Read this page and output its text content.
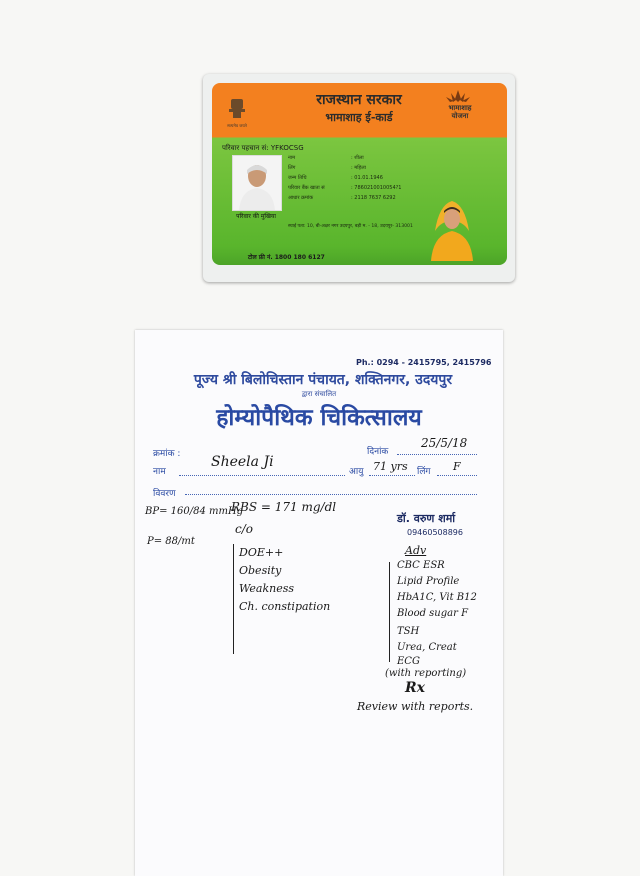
सत्यमेव जयते
राजस्थान सरकार
भामाशाह ई-कार्ड
भामाशाह योजना
परिवार पहचान सं: YFKOCSG
परिवार की मुखिया
नाम	: शीला
लिंग	: महिला
जन्म तिथि	: 01.01.1946
परिवार बैंक खाता सं	: 7860210010054?1
आधार क्रमांक	: 2118 7637 6292
स्थाई पता: 10, बी-अक्षर नगर उदयपुर, बड़ी म. - 18, उदयपुर- 313001
टोल फ्री नं. 1800 180 6127
Ph.: 0294 - 2415795, 2415796
पूज्य श्री बिलोचिस्तान पंचायत, शक्तिनगर, उदयपुर
द्वारा संचालित
होम्योपैथिक चिकित्सालय
क्रमांक :	दिनांक
25/5/18
नाम
Sheela Ji
आयु 71 yrs लिंग F
विवरण
BP= 160/84 mmHg
P= 88/mt
RBS = 171 mg/dl
c/o
DOE++
Obesity
Weakness
Ch. constipation
डॉ. वरुण शर्मा
09460508896
Adv
CBC ESR
Lipid Profile
HbA1C, Vit B12
Blood sugar F
TSH
Urea, Creat
ECG
(with reporting)
Rx
Review with reports.
